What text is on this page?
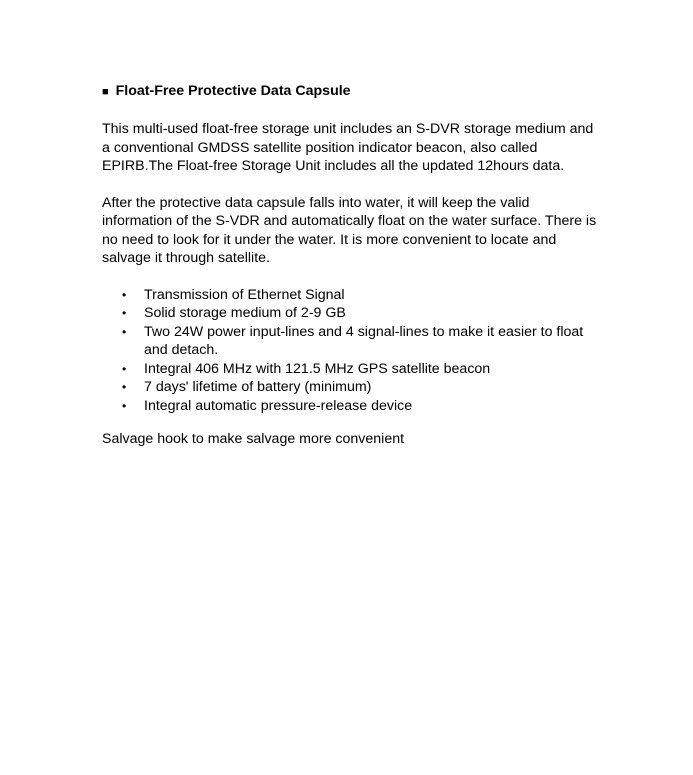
■ Float-Free Protective Data Capsule

This multi-used float-free storage unit includes an S-DVR storage medium and a conventional GMDSS satellite position indicator beacon, also called EPIRB.The Float-free Storage Unit includes all the updated 12hours data.

After the protective data capsule falls into water, it will keep the valid information of the S-VDR and automatically float on the water surface. There is no need to look for it under the water. It is more convenient to locate and salvage it through satellite.

• Transmission of Ethernet Signal
• Solid storage medium of 2-9 GB
• Two 24W power input-lines and 4 signal-lines to make it easier to float and detach.
• Integral 406 MHz with 121.5 MHz GPS satellite beacon
• 7 days' lifetime of battery (minimum)
• Integral automatic pressure-release device

Salvage hook to make salvage more convenient
